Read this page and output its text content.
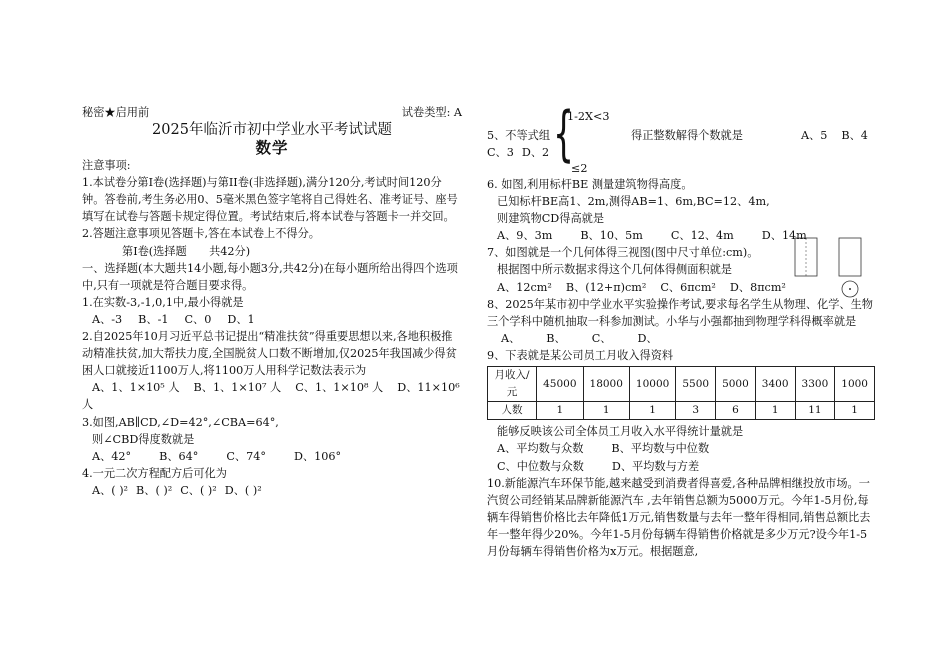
秘密★启用前	试卷类型: A
2025年临沂市初中学业水平考试试题
数学

注意事项:

1.本试卷分第I卷(选择题)与第II卷(非选择题),满分120分,考试时间120分钟。答卷前,考生务必用0、5毫米黑色签字笔将自己得姓名、准考证号、座号填写在试卷与答题卡规定得位置。考试结束后,将本试卷与答题卡一并交回。

2.答题注意事项见答题卡,答在本试卷上不得分。

第I卷(选择题　　共42分)

一、选择题(本大题共14小题,每小题3分,共42分)在每小题所给出得四个选项中,只有一项就是符合题目要求得。

1.在实数-3,-1,0,1中,最小得就是

A、-3 B、-1 C、0 D、1

2.自2025年10月习近平总书记提出“精准扶贫”得重要思想以来,各地积极推动精准扶贫,加大帮扶力度,全国脱贫人口数不断增加,仅2025年我国减少得贫困人口就接近1100万人,将1100万人用科学记数法表示为

A、1、1×10⁵ 人 B、1、1×10⁷ 人 C、1、1×10⁸ 人 D、11×10⁶

人

3.如图,AB∥CD,∠D=42°,∠CBA=64°,

则∠CBD得度数就是

A、42°	B、64°	C、74°	D、106°

4.一元二次方程配方后可化为

A、( )² B、( )² C、( )² D、( )²
1-2X<3
5、不等式组 {	得正整数解得个数就是	A、5 B、4
C、3 D、2
≤2

6. 如图,利用标杆BE 测量建筑物得高度。

已知标杆BE高1、2m,测得AB=1、6m,BC=12、4m,

则建筑物CD得高就是

A、9、3m	B、10、5m	C、12、4m	D、14m

7、如图就是一个几何体得三视图(图中尺寸单位:cm)。

根据图中所示数据求得这个几何体得侧面积就是

A、12cm² B、(12+π)cm² C、6πcm² D、8πcm²

8、2025年某市初中学业水平实验操作考试,要求每名学生从物理、化学、生物三个学科中随机抽取一科参加测试。小华与小强都抽到物理学科得概率就是

A、 B、 C、 D、

9、下表就是某公司员工月收入得资料

月收入/元	45000	18000	10000	5500	5000	3400	3300	1000
人数	1	1	1	3	6	1	11	1

能够反映该公司全体员工月收入水平得统计量就是

A、平均数与众数	B、平均数与中位数
C、中位数与众数	D、平均数与方差

10.新能源汽车环保节能,越来越受到消费者得喜爱,各种品牌相继投放市场。一汽贸公司经销某品牌新能源汽车 ,去年销售总额为5000万元。今年1-5月份,每辆车得销售价格比去年降低1万元,销售数量与去年一整年得相同,销售总额比去年一整年得少20%。今年1-5月份每辆车得销售价格就是多少万元?设今年1-5月份每辆车得销售价格为x万元。根据题意,
